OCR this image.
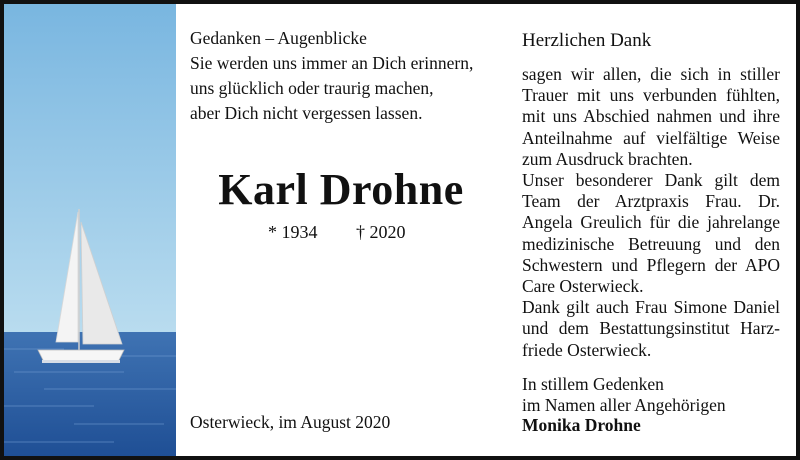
Gedanken – Augenblicke
Sie werden uns immer an Dich erinnern,
uns glücklich oder traurig machen,
aber Dich nicht vergessen lassen.
Karl Drohne
* 1934 † 2020
Osterwieck, im August 2020
Herzlichen Dank

sagen wir allen, die sich in stiller Trauer mit uns verbunden fühlten, mit uns Abschied nahmen und ihre Anteilnahme auf vielfältige Weise zum Ausdruck brachten.

Unser besonderer Dank gilt dem Team der Arztpraxis Frau. Dr. Angela Greulich für die jahrelange medizinische Betreuung und den Schwestern und Pflegern der APO Care Osterwieck.

Dank gilt auch Frau Simone Daniel und dem Bestattungsinstitut Harzfriede Osterwieck.

In stillem Gedenken
im Namen aller Angehörigen
Monika Drohne
